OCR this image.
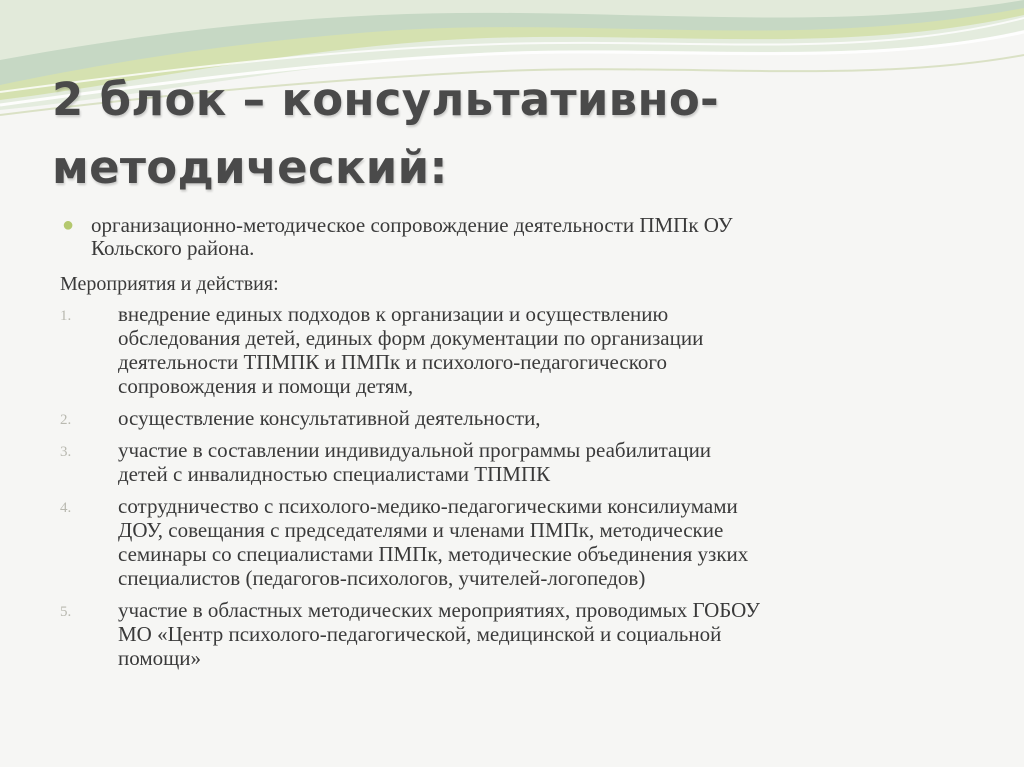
2 блок – консультативно-
методический:
● организационно-методическое сопровождение деятельности ПМПк ОУ
Кольского района.
Мероприятия и действия:
1. внедрение единых подходов к организации и осуществлению
обследования детей, единых форм документации по организации
деятельности ТПМПК и ПМПк и психолого-педагогического
сопровождения и помощи детям,
2. осуществление консультативной деятельности,
3. участие в составлении индивидуальной программы реабилитации
детей с инвалидностью специалистами ТПМПК
4. сотрудничество с психолого-медико-педагогическими консилиумами
ДОУ, совещания с председателями и членами ПМПк, методические
семинары со специалистами ПМПк, методические объединения узких
специалистов (педагогов-психологов, учителей-логопедов)
5. участие в областных методических мероприятиях, проводимых ГОБОУ
МО «Центр психолого-педагогической, медицинской и социальной
помощи»
